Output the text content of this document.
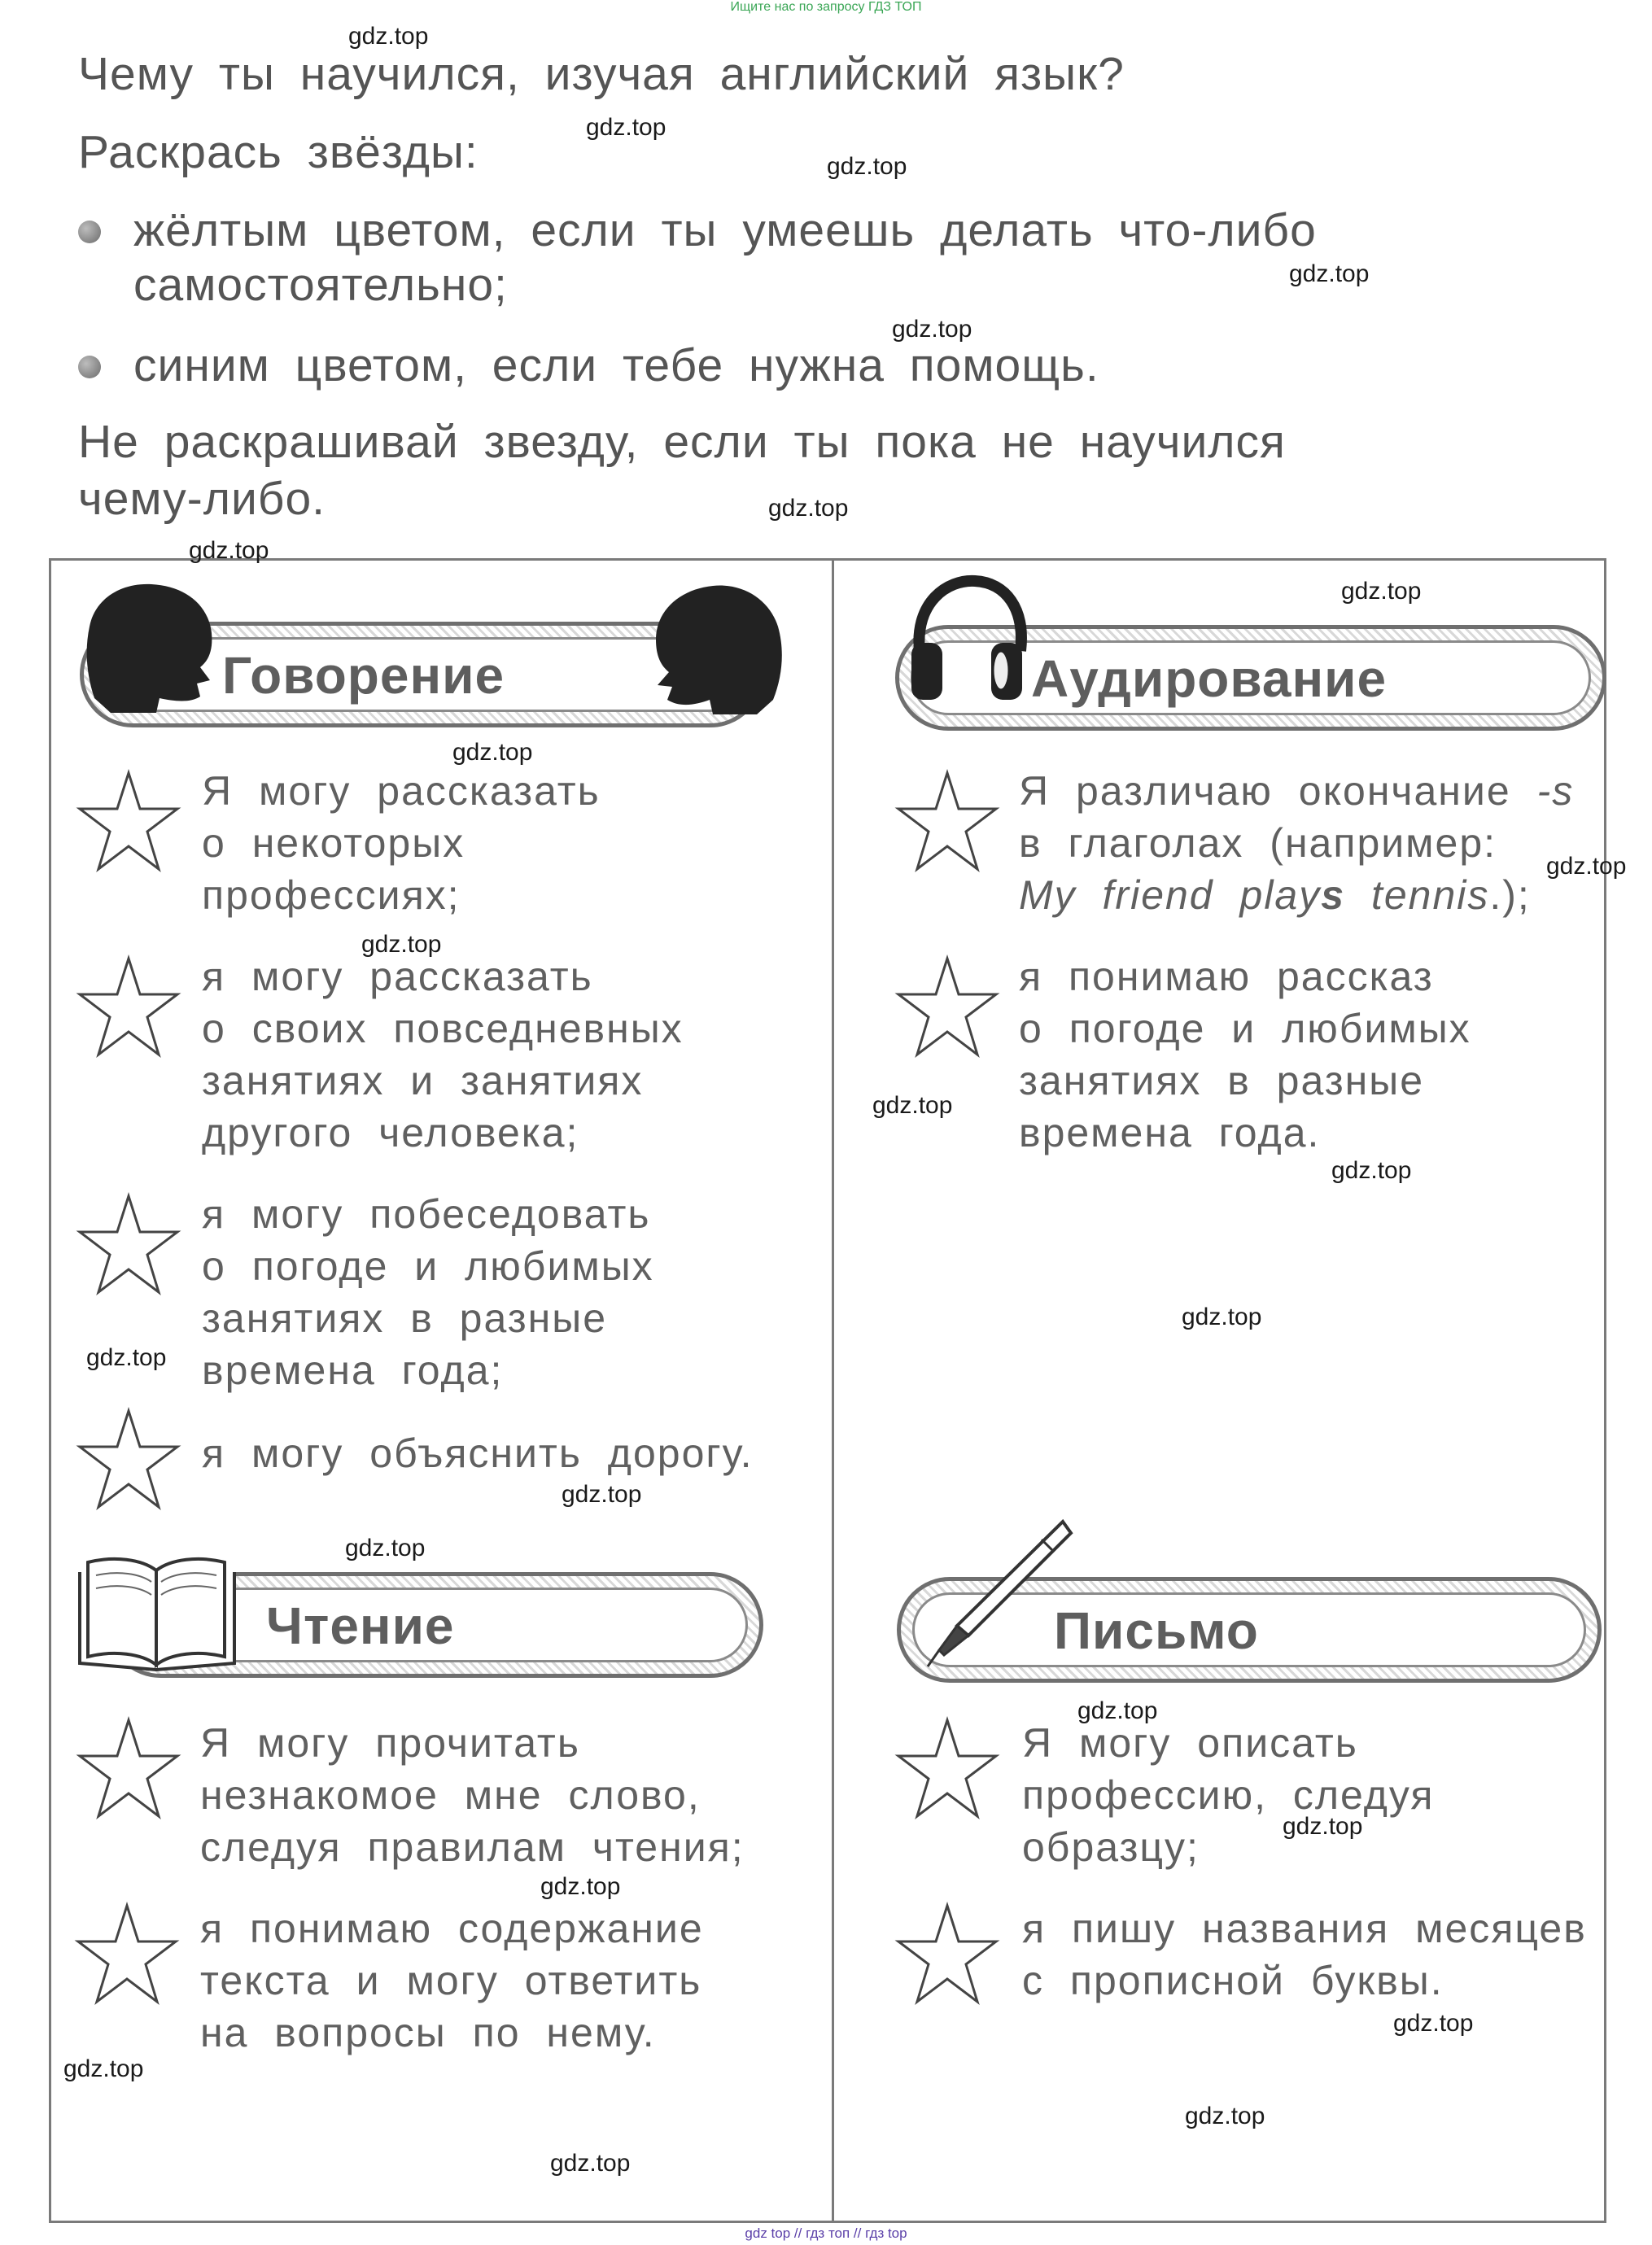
Ищите нас по запросу ГДЗ ТОП
Чему ты научился, изучая английский язык?
Раскрась звёзды:
жёлтым цветом, если ты умеешь делать что-либо
самостоятельно;
синим цветом, если тебе нужна помощь.
Не раскрашивай звезду, если ты пока не научился
чему-либо.
Говорение
Я могу рассказать
о некоторых
профессиях;
я могу рассказать
о своих повседневных
занятиях и занятиях
другого человека;
я могу побеседовать
о погоде и любимых
занятиях в разные
времена года;
я могу объяснить дорогу.
Аудирование
Я различаю окончание -s
в глаголах (например:
My friend plays tennis.);
я понимаю рассказ
о погоде и любимых
занятиях в разные
времена года.
Чтение
Я могу прочитать
незнакомое мне слово,
следуя правилам чтения;
я понимаю содержание
текста и могу ответить
на вопросы по нему.
Письмо
Я могу описать
профессию, следуя
образцу;
я пишу названия месяцев
с прописной буквы.
gdz.top
gdz.top
gdz.top
gdz.top
gdz.top
gdz.top
gdz.top
gdz.top
gdz.top
gdz.top
gdz.top
gdz.top
gdz.top
gdz.top
gdz.top
gdz.top
gdz.top
gdz.top
gdz.top
gdz.top
gdz.top
gdz.top
gdz.top
gdz.top
gdz top // гдз топ // гдз top
